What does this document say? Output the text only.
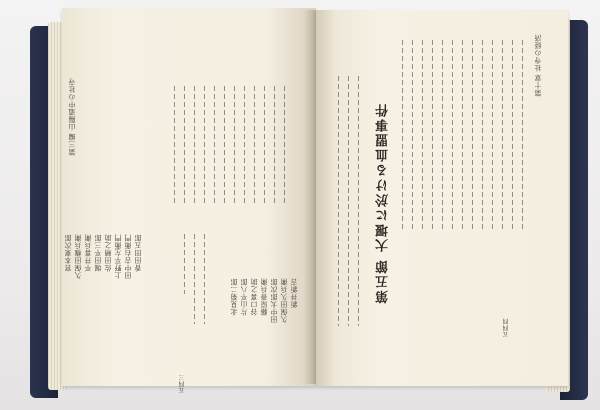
第三編 山陽道中の社寺
香田田五郎
田中吉右衛門
上野平左衛門
佐田精之助
堀田平三郎
平井喜兵衛
久保田権兵衛
宮本東次郎
新井新吉
久保田久兵衛
田中太郎次郎
藤原善兵衛
谷口喜之助
片山平八郎
北見菊二郎
五四三
第十章 社寺の経済
第五節 大堰に於ける血盟事件
五四四
